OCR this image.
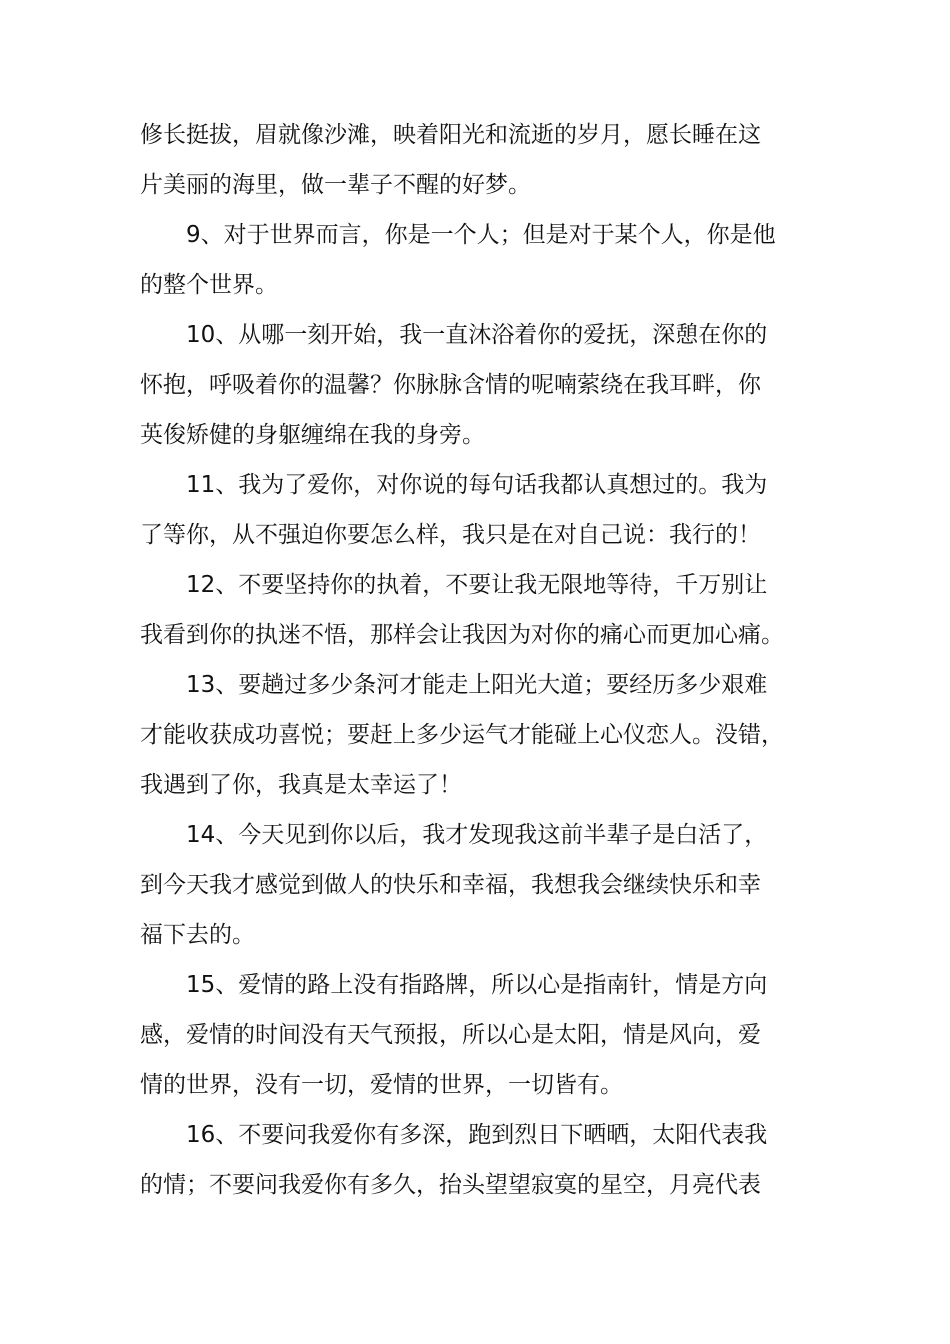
修长挺拔，眉就像沙滩，映着阳光和流逝的岁月，愿长睡在这
片美丽的海里，做一辈子不醒的好梦。
9、对于世界而言，你是一个人；但是对于某个人，你是他
的整个世界。
10、从哪一刻开始，我一直沐浴着你的爱抚，深憩在你的
怀抱，呼吸着你的温馨？你脉脉含情的呢喃萦绕在我耳畔，你
英俊矫健的身躯缠绵在我的身旁。
11、我为了爱你，对你说的每句话我都认真想过的。我为
了等你，从不强迫你要怎么样，我只是在对自己说：我行的！
12、不要坚持你的执着，不要让我无限地等待，千万别让
我看到你的执迷不悟，那样会让我因为对你的痛心而更加心痛。
13、要趟过多少条河才能走上阳光大道；要经历多少艰难
才能收获成功喜悦；要赶上多少运气才能碰上心仪恋人。没错，
我遇到了你，我真是太幸运了！
14、今天见到你以后，我才发现我这前半辈子是白活了，
到今天我才感觉到做人的快乐和幸福，我想我会继续快乐和幸
福下去的。
15、爱情的路上没有指路牌，所以心是指南针，情是方向
感，爱情的时间没有天气预报，所以心是太阳，情是风向，爱
情的世界，没有一切，爱情的世界，一切皆有。
16、不要问我爱你有多深，跑到烈日下晒晒，太阳代表我
的情；不要问我爱你有多久，抬头望望寂寞的星空，月亮代表
